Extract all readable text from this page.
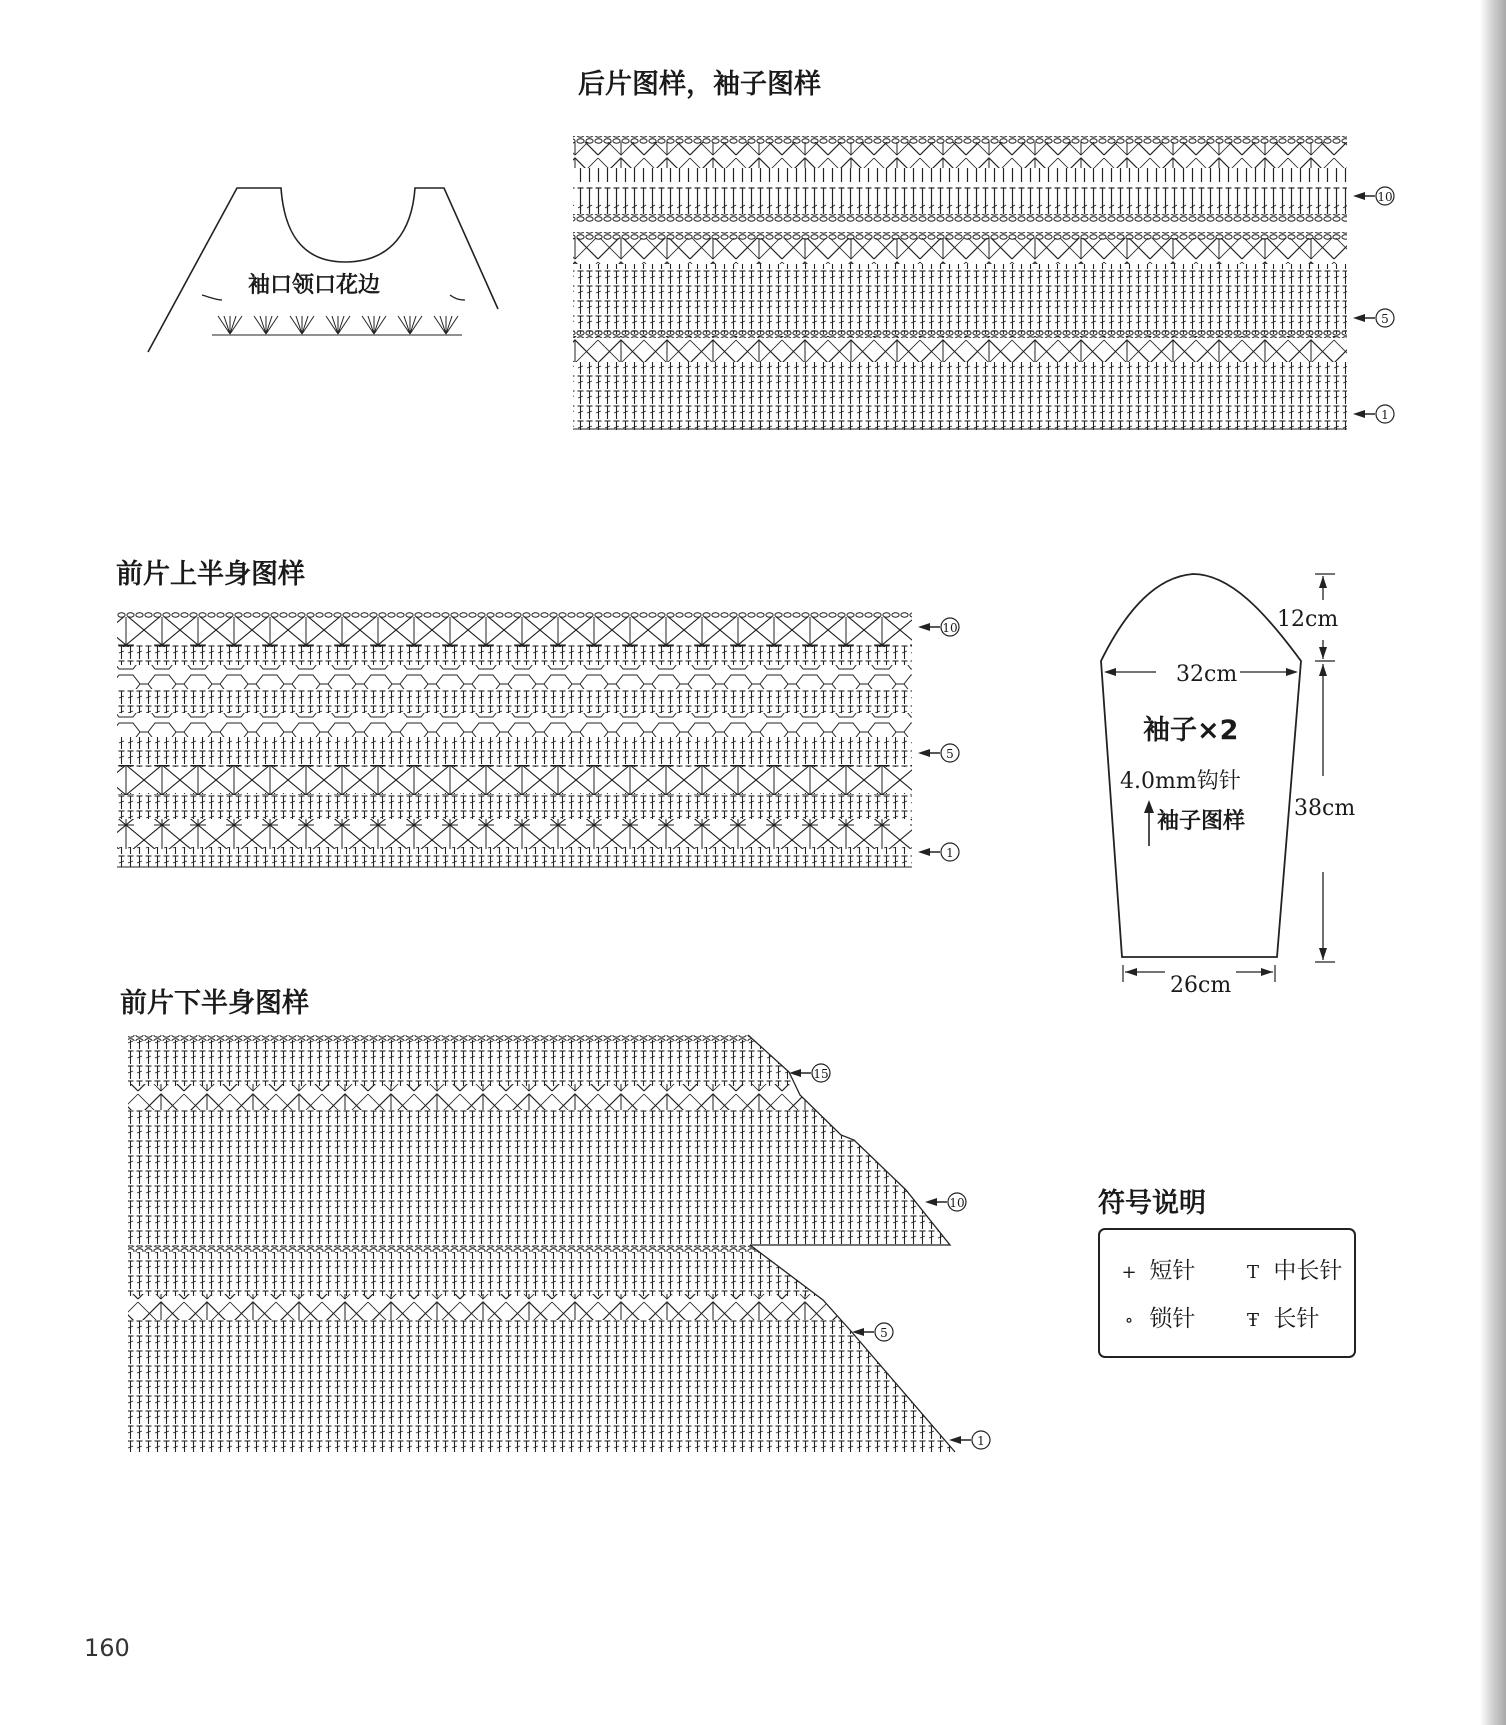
后片图样，袖子图样
前片上半身图样
前片下半身图样
袖口领口花边
10
5
1
10
5
1
15
10
5
1
32cm
12cm
38cm
26cm
袖子×2
4.0mm钩针
袖子图样
符号说明
+ 短针	T 中长针
∘ 锁针	Ŧ 长针
160
